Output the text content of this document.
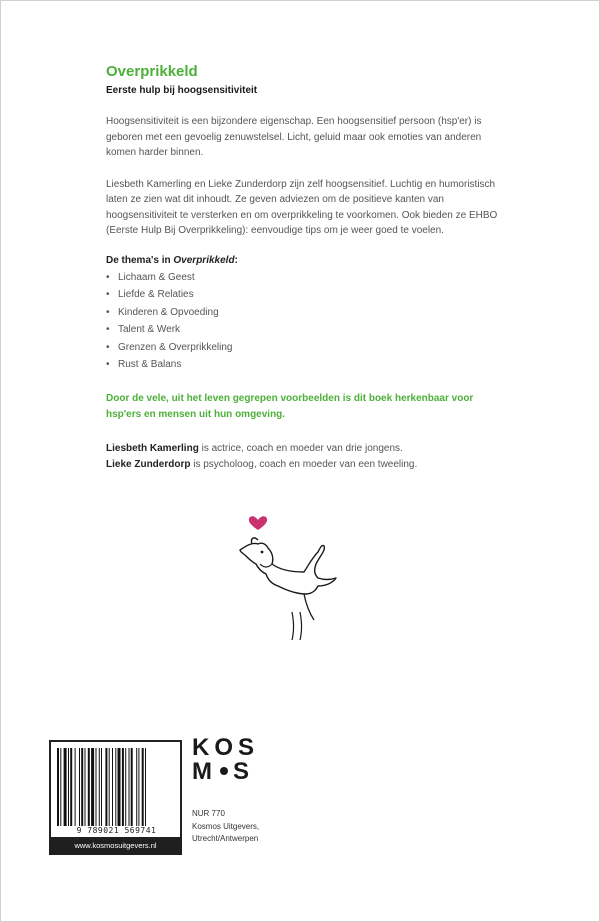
Overprikkeld
Eerste hulp bij hoogsensitiviteit

Hoogsensitiviteit is een bijzondere eigenschap. Een hoogsensitief persoon (hsp'er) is geboren met een gevoelig zenuwstelsel. Licht, geluid maar ook emoties van anderen komen harder binnen.

Liesbeth Kamerling en Lieke Zunderdorp zijn zelf hoogsensitief. Luchtig en humoristisch laten ze zien wat dit inhoudt. Ze geven adviezen om de positieve kanten van hoogsensitiviteit te versterken en om overprikkeling te voorkomen. Ook bieden ze EHBO (Eerste Hulp Bij Overprikkeling): eenvoudige tips om je weer goed te voelen.

De thema's in Overprikkeld:

• Lichaam & Geest
• Liefde & Relaties
• Kinderen & Opvoeding
• Talent & Werk
• Grenzen & Overprikkeling
• Rust & Balans

Door de vele, uit het leven gegrepen voorbeelden is dit boek herkenbaar voor hsp'ers en mensen uit hun omgeving.

Liesbeth Kamerling is actrice, coach en moeder van drie jongens.
Lieke Zunderdorp is psycholoog, coach en moeder van een tweeling.
9 789021 569741
www.kosmosuitgevers.nl
KOS
M S
NUR 770
Kosmos Uitgevers,
Utrecht/Antwerpen
